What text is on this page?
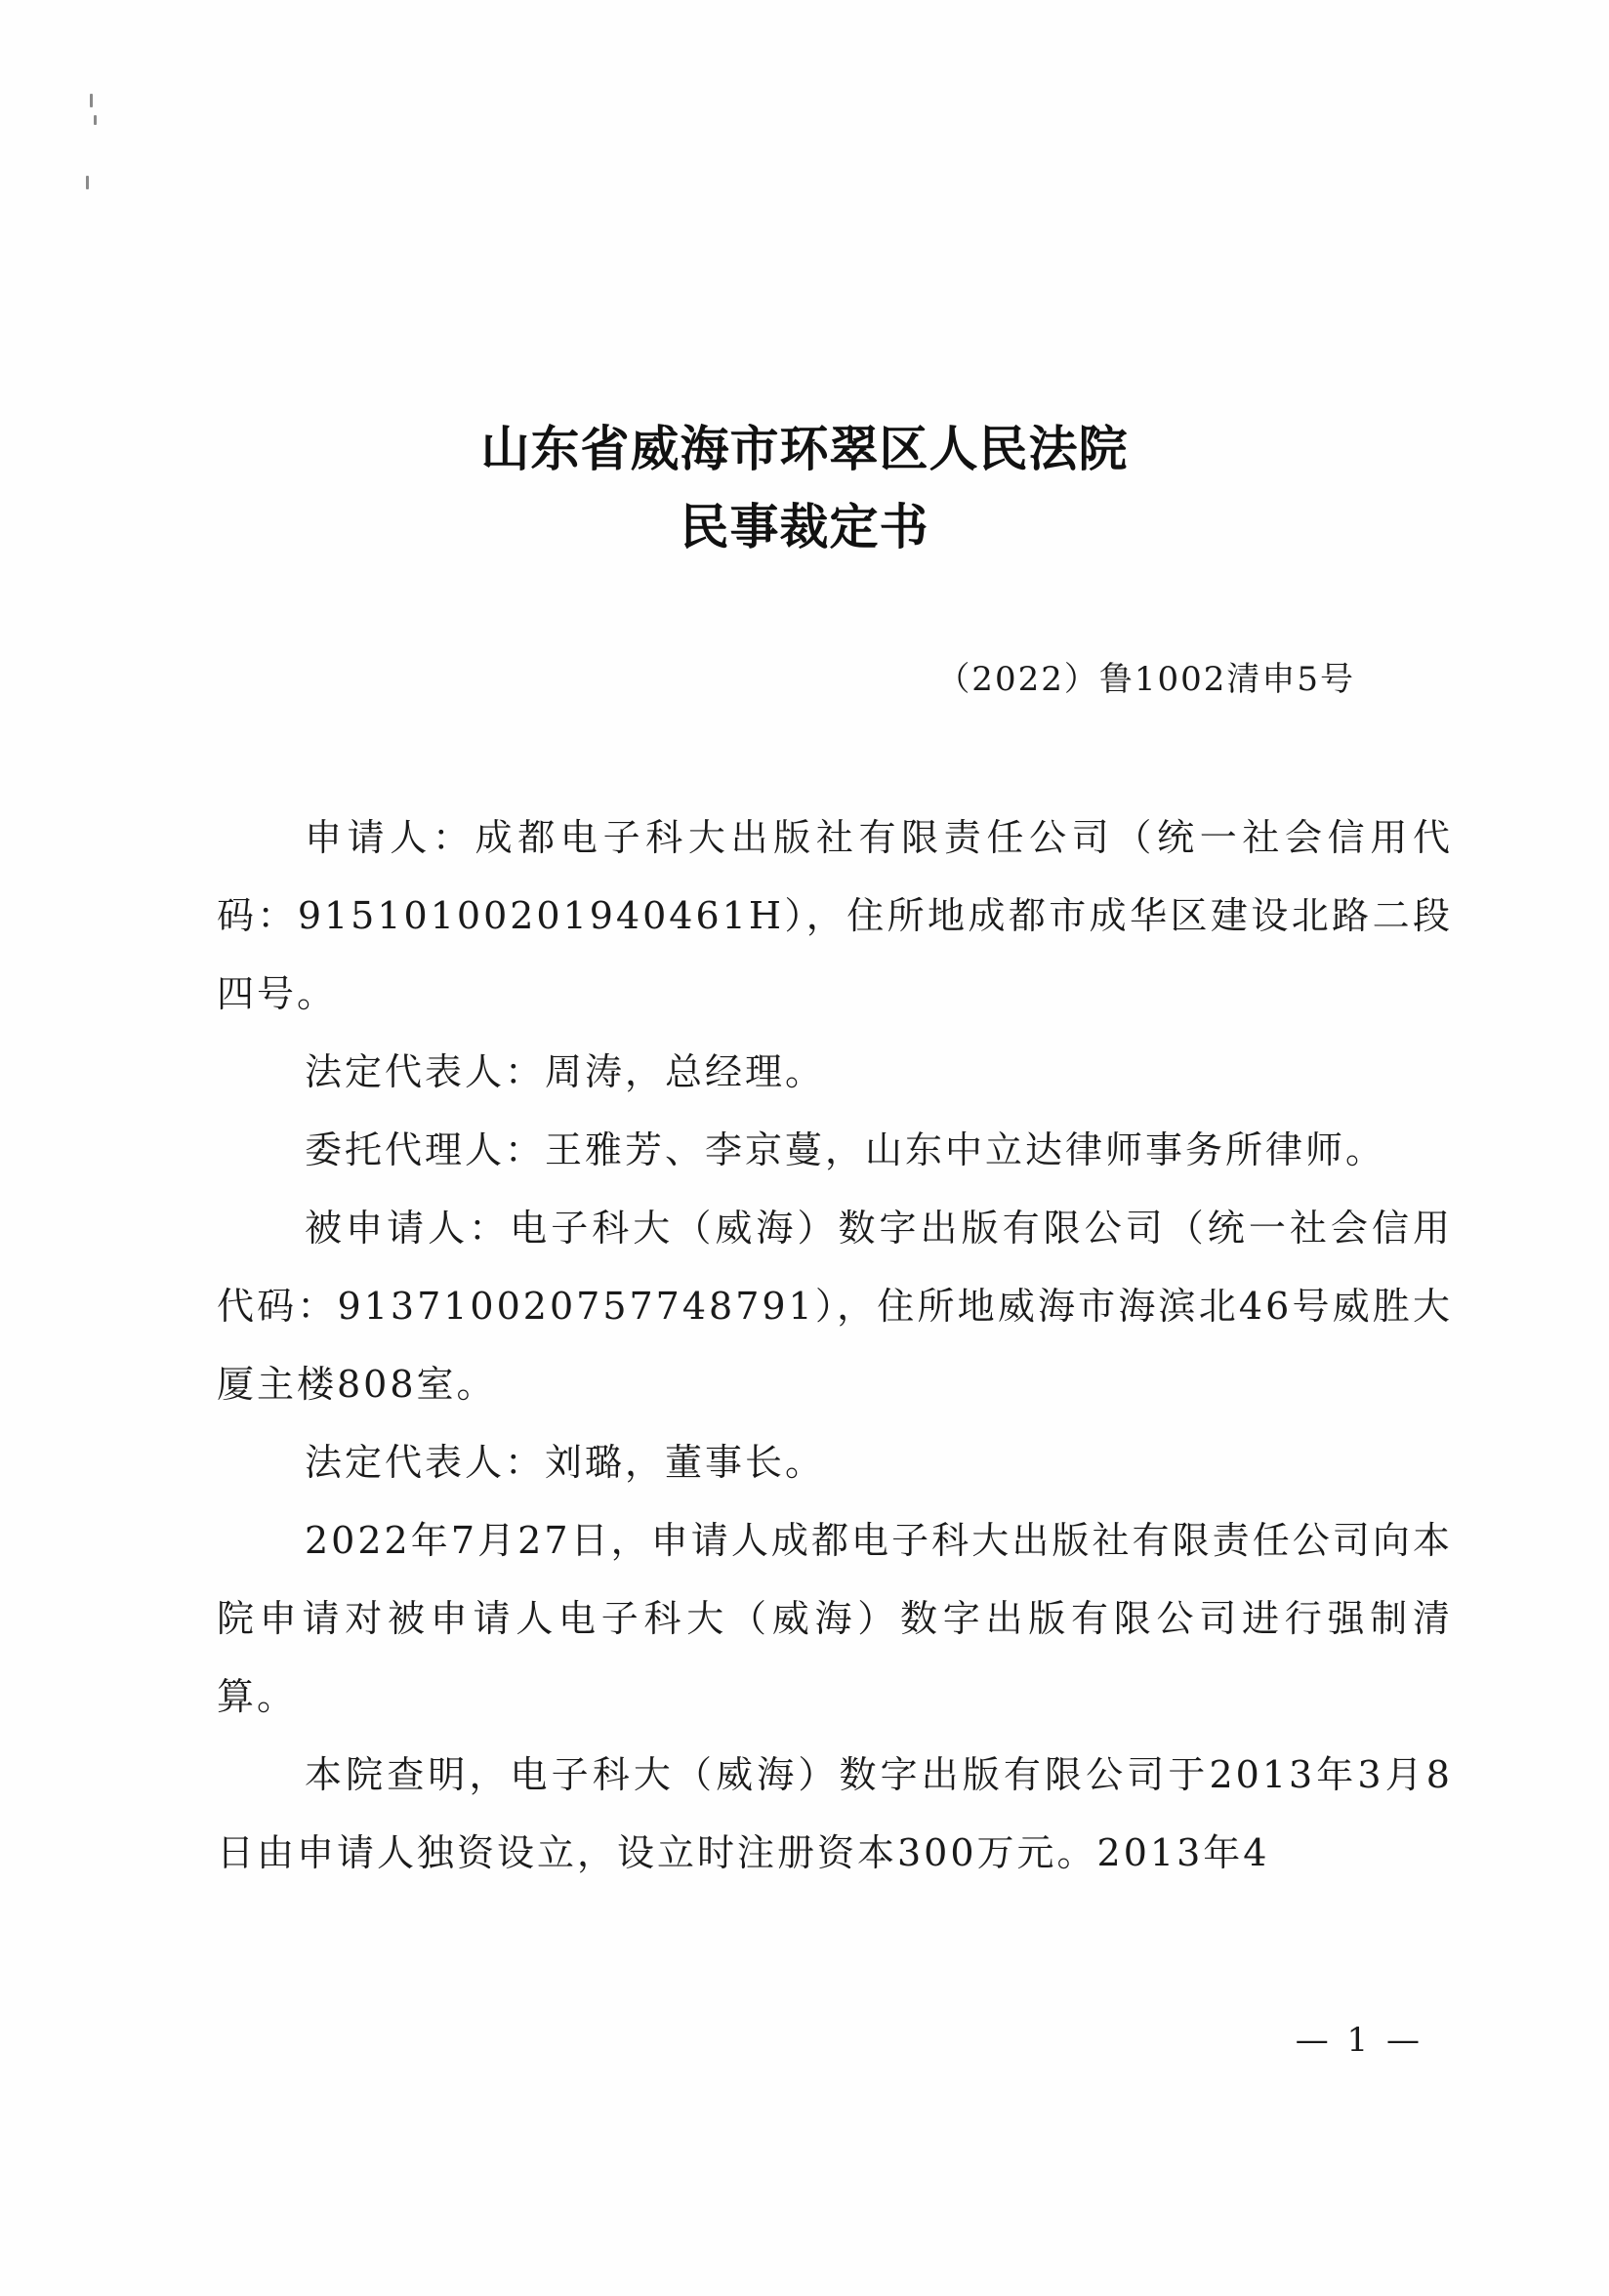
山东省威海市环翠区人民法院
民事裁定书
（2022）鲁1002清申5号

申请人：成都电子科大出版社有限责任公司（统一社会信用代码：91510100201940461H），住所地成都市成华区建设北路二段四号。

法定代表人：周涛，总经理。

委托代理人：王雅芳、李京蔓，山东中立达律师事务所律师。

被申请人：电子科大（威海）数字出版有限公司（统一社会信用代码：913710020757748791），住所地威海市海滨北46号威胜大厦主楼808室。

法定代表人：刘璐，董事长。

2022年7月27日，申请人成都电子科大出版社有限责任公司向本院申请对被申请人电子科大（威海）数字出版有限公司进行强制清算。

本院查明，电子科大（威海）数字出版有限公司于2013年3月8日由申请人独资设立，设立时注册资本300万元。2013年4

— 1 —
